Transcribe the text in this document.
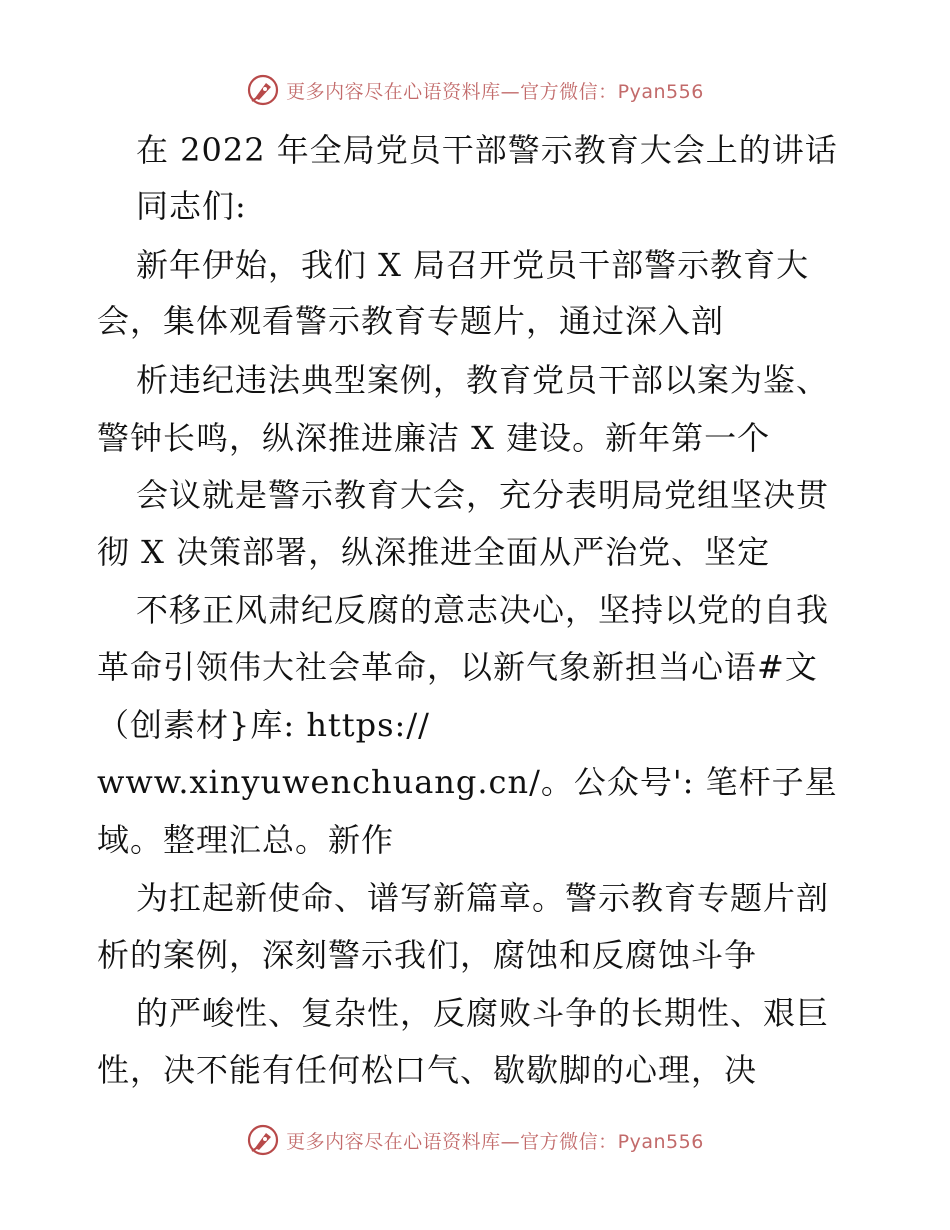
更多内容尽在心语资料库—官方微信：Pyan556
在 2022 年全局党员干部警示教育大会上的讲话
同志们:
新年伊始，我们 X 局召开党员干部警示教育大
会，集体观看警示教育专题片，通过深入剖
析违纪违法典型案例，教育党员干部以案为鉴、
警钟长鸣，纵深推进廉洁 X 建设。新年第一个
会议就是警示教育大会，充分表明局党组坚决贯
彻 X 决策部署，纵深推进全面从严治党、坚定
不移正风肃纪反腐的意志决心，坚持以党的自我
革命引领伟大社会革命，以新气象新担当心语#文
（创素材}库: https://
www.xinyuwenchuang.cn/。公众号': 笔杆子星
域。整理汇总。新作
为扛起新使命、谱写新篇章。警示教育专题片剖
析的案例，深刻警示我们，腐蚀和反腐蚀斗争
的严峻性、复杂性，反腐败斗争的长期性、艰巨
性，决不能有任何松口气、歇歇脚的心理，决
更多内容尽在心语资料库—官方微信：Pyan556
